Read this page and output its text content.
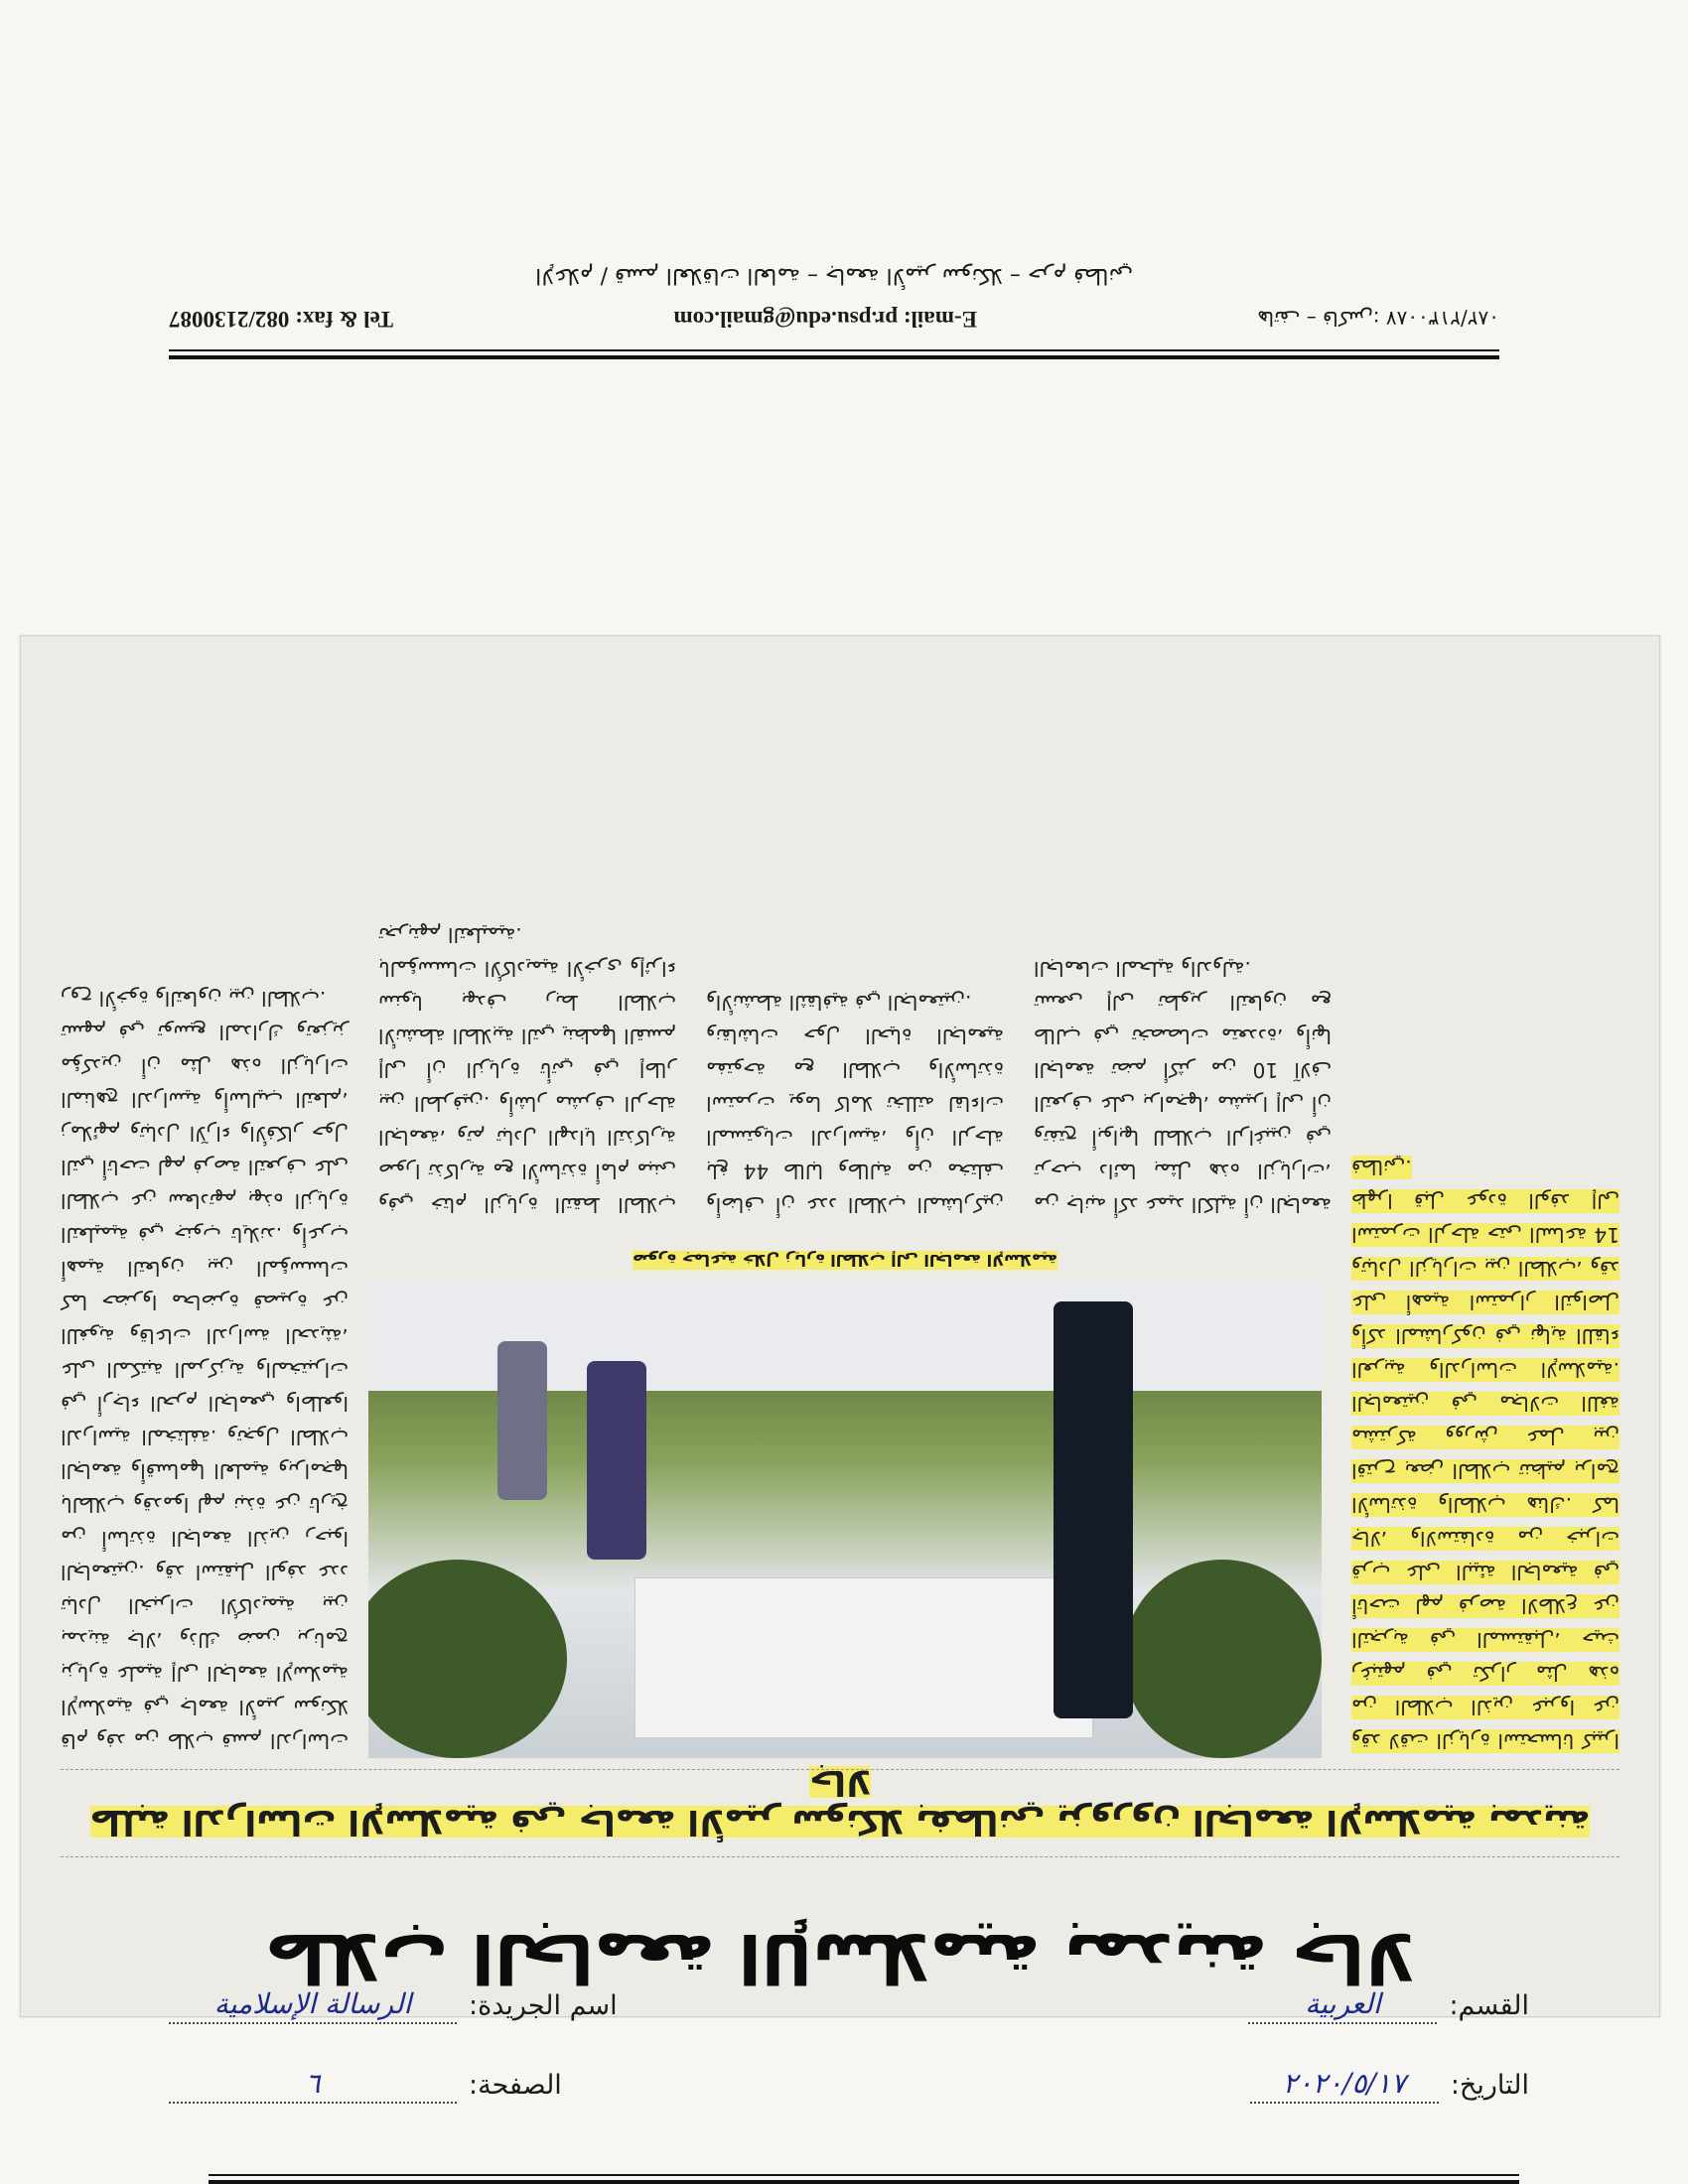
هاتف – فاكس: ٠٨٢/٢١٣٠٠٨٧
E-mail: pr.psu.edu@gmail.com
Tel & fax: 082/2130087
الإعلام / قسم العلاقات العامة – جامعة الأمير سونكلا – حرم فطاني
طلاب الجامعة الإسلامية بمدينة جالا
طلبة الدراسات الإسلامية في جامعة الأمير سونكلا بفطاني يزورون الجامعة الإسلامية بمدينة جالا

قام وفد من طلاب قسم الدراسات الإسلامية في جامعة الأمير سونكلا بزيارة علمية إلى الجامعة الإسلامية بمدينة جالا، وذلك ضمن برنامج تبادل الخبرات الأكاديمية بين الجامعتين. وقد استقبل الوفد عدد من أساتذة الجامعة الذين رحبوا بالطلاب وقدموا لهم نبذة عن تاريخ الجامعة وأقسامها العلمية وبرامجها الدراسية المختلفة. وتجول الطلاب في أرجاء الحرم الجامعي واطلعوا على المكتبة المركزية والمختبرات اللغوية وقاعات الدراسة الحديثة، كما حضروا محاضرة قصيرة عن أهمية التعاون بين المؤسسات التعليمية في جنوب تايلاند. وأعرب الطلاب عن سعادتهم بهذه الزيارة التي أتاحت لهم فرصة التعرف على زملائهم وتبادل الآراء والأفكار حول المناهج الدراسية وأساليب التعلم، مؤكدين أن مثل هذه الزيارات تسهم في توسيع المدارك وتعزيز روح الأخوة والتعاون بين الطلاب.

صورة جماعية خلال زيارة الطلاب إلى الجامعة الإسلامية

وفي ختام الزيارة التقط الطلاب صورا تذكارية مع الأساتذة أمام مبنى الجامعة، وتم تبادل الهدايا التذكارية بين الطرفين. وأشار مشرف الرحلة إلى أن الزيارة تأتي في إطار الأنشطة الطلابية التي ينظمها القسم سنويا بهدف ربط الطلاب بالمؤسسات الأكاديمية الأخرى وإثراء تجربتهم التعليمية.

وأضاف أن عدد الطلاب المشاركين بلغ 44 طالبا وطالبة من مختلف المستويات الدراسية، وأن الرحلة استمرت يوما كاملا تخللته لقاءات مفتوحة مع الطلاب والأساتذة ونقاشات حول الحياة الجامعية والأنشطة الثقافية في الجامعتين.

من جانبه أكد عميد الكلية أن الجامعة ترحب دائما بمثل هذه الزيارات، وتفتح أبوابها للطلاب الراغبين في التعرف على برامجها، مشيرا إلى أن الجامعة تضم أكثر من 10 آلاف طالب في تخصصات متعددة، وأنها تسعى إلى تطوير التعاون مع الجامعات المحلية والدولية.

وقد لاقت الزيارة استحسانا كبيرا من الطلاب الذين عبروا عن رغبتهم في تكرار مثل هذه التجربة في المستقبل، حيث أتاحت لهم فرصة الاطلاع عن قرب على البيئة الجامعية في جالا، والاستفادة من خبرات الأساتذة والطلاب هناك. كما اقترح بعض الطلاب تنظيم برامج مشتركة وورش عمل بين الجامعتين في مجالات اللغة العربية والدراسات الإسلامية. وأكد المشاركون في نهاية اللقاء على أهمية استمرار التواصل وتبادل الزيارات بين الطلاب، وقد استمرت الرحلة حتى الساعة 14 ظهرا قبل عودة الوفد إلى فطاني.

القسم:
العربية
اسم الجريدة:
الرسالة الإسلامية
التاريخ:
٢٠٢٠/٥/١٧
الصفحة:
٦
